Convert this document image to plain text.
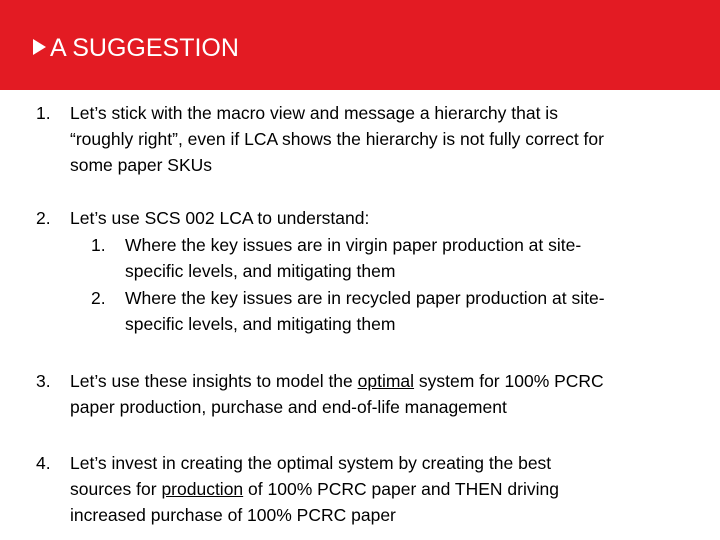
A SUGGESTION
1. Let’s stick with the macro view and message a hierarchy that is
“roughly right”, even if LCA shows the hierarchy is not fully correct for
some paper SKUs
2. Let’s use SCS 002 LCA to understand:
1. Where the key issues are in virgin paper production at site-
specific levels, and mitigating them
2. Where the key issues are in recycled paper production at site-
specific levels, and mitigating them
3. Let’s use these insights to model the optimal system for 100% PCRC
paper production, purchase and end-of-life management
4. Let’s invest in creating the optimal system by creating the best
sources for production of 100% PCRC paper and THEN driving
increased purchase of 100% PCRC paper
